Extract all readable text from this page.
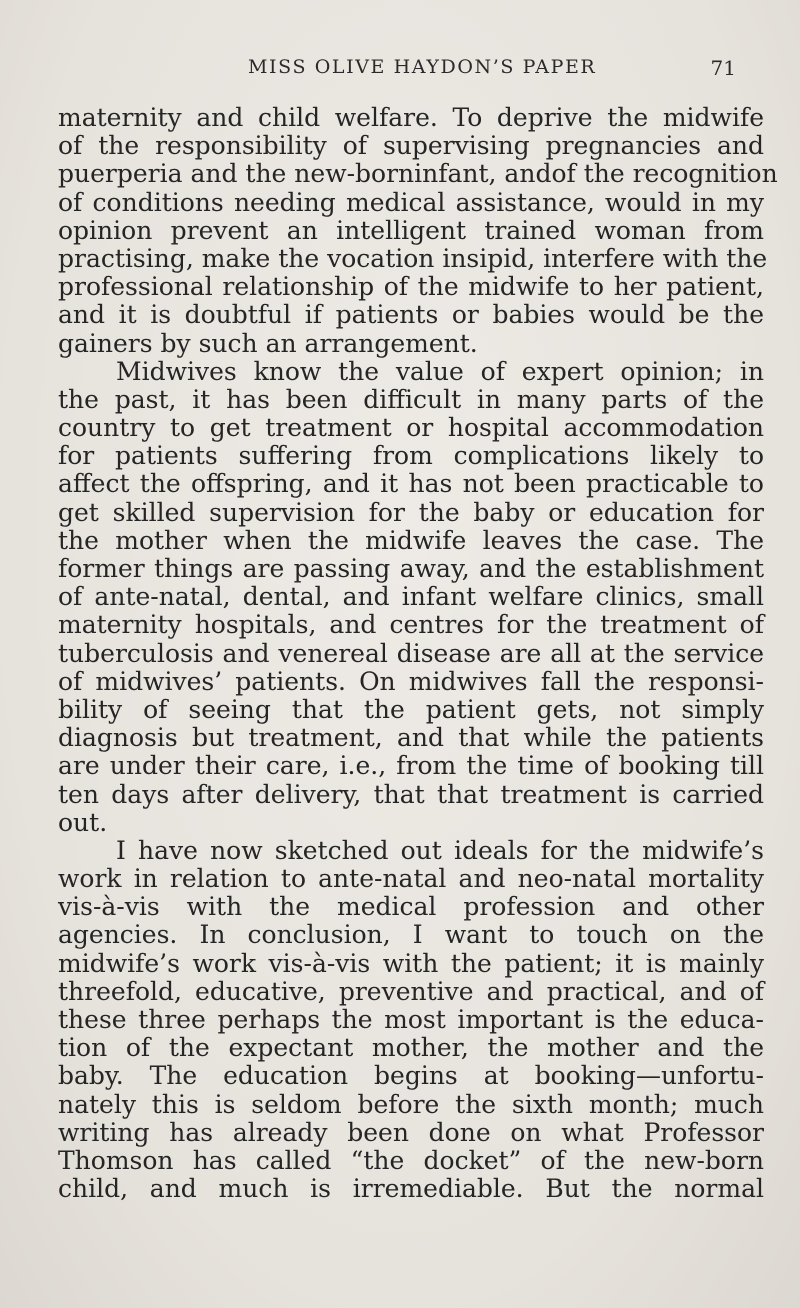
MISS OLIVE HAYDON’S PAPER	71
maternity and child welfare. To deprive the midwife
of the responsibility of supervising pregnancies and
puerperia and the new-borninfant, andof the recognition
of conditions needing medical assistance, would in my
opinion prevent an intelligent trained woman from
practising, make the vocation insipid, interfere with the
professional relationship of the midwife to her patient,
and it is doubtful if patients or babies would be the
gainers by such an arrangement.
Midwives know the value of expert opinion; in
the past, it has been difficult in many parts of the
country to get treatment or hospital accommodation
for patients suffering from complications likely to
affect the offspring, and it has not been practicable to
get skilled supervision for the baby or education for
the mother when the midwife leaves the case. The
former things are passing away, and the establishment
of ante-natal, dental, and infant welfare clinics, small
maternity hospitals, and centres for the treatment of
tuberculosis and venereal disease are all at the service
of midwives’ patients. On midwives fall the responsi-
bility of seeing that the patient gets, not simply
diagnosis but treatment, and that while the patients
are under their care, i.e., from the time of booking till
ten days after delivery, that that treatment is carried
out.
I have now sketched out ideals for the midwife’s
work in relation to ante-natal and neo-natal mortality
vis-à-vis with the medical profession and other
agencies. In conclusion, I want to touch on the
midwife’s work vis-à-vis with the patient; it is mainly
threefold, educative, preventive and practical, and of
these three perhaps the most important is the educa-
tion of the expectant mother, the mother and the
baby. The education begins at booking—unfortu-
nately this is seldom before the sixth month; much
writing has already been done on what Professor
Thomson has called “the docket” of the new-born
child, and much is irremediable. But the normal
